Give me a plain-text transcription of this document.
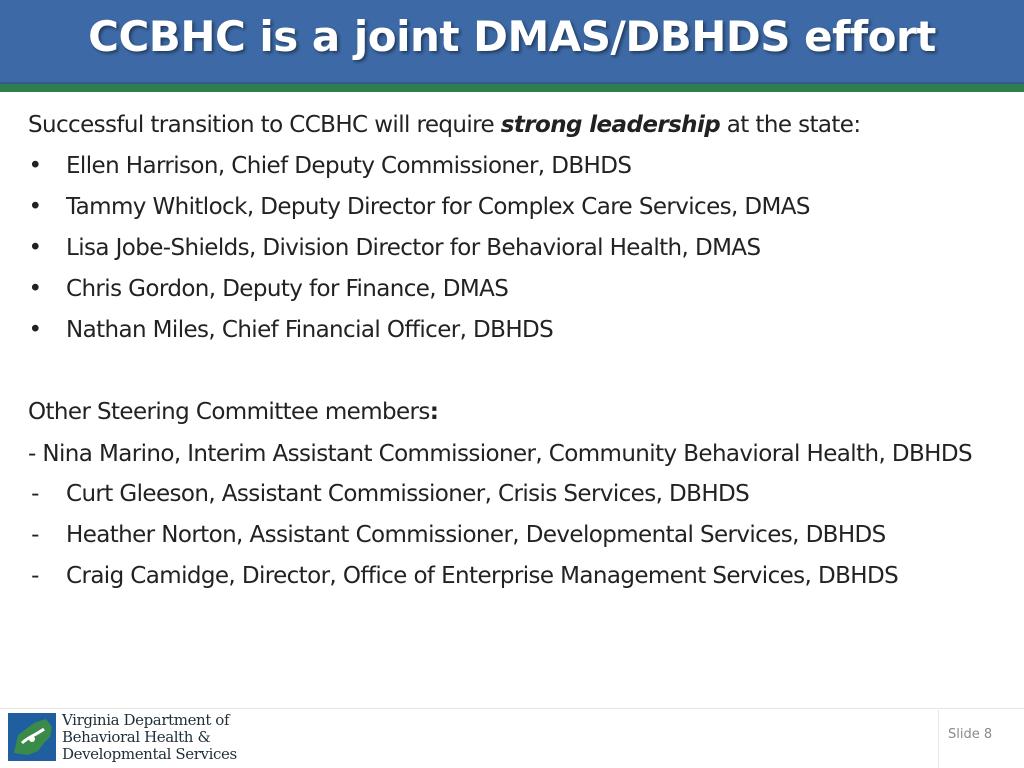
CCBHC is a joint DMAS/DBHDS effort
Successful transition to CCBHC will require strong leadership at the state:
• Ellen Harrison, Chief Deputy Commissioner, DBHDS
• Tammy Whitlock, Deputy Director for Complex Care Services, DMAS
• Lisa Jobe-Shields, Division Director for Behavioral Health, DMAS
• Chris Gordon, Deputy for Finance, DMAS
• Nathan Miles, Chief Financial Officer, DBHDS
Other Steering Committee members:
- Nina Marino, Interim Assistant Commissioner, Community Behavioral Health, DBHDS
- Curt Gleeson, Assistant Commissioner, Crisis Services, DBHDS
- Heather Norton, Assistant Commissioner, Developmental Services, DBHDS
- Craig Camidge, Director, Office of Enterprise Management Services, DBHDS
Virginia Department of
Behavioral Health &
Developmental Services
Slide 8
